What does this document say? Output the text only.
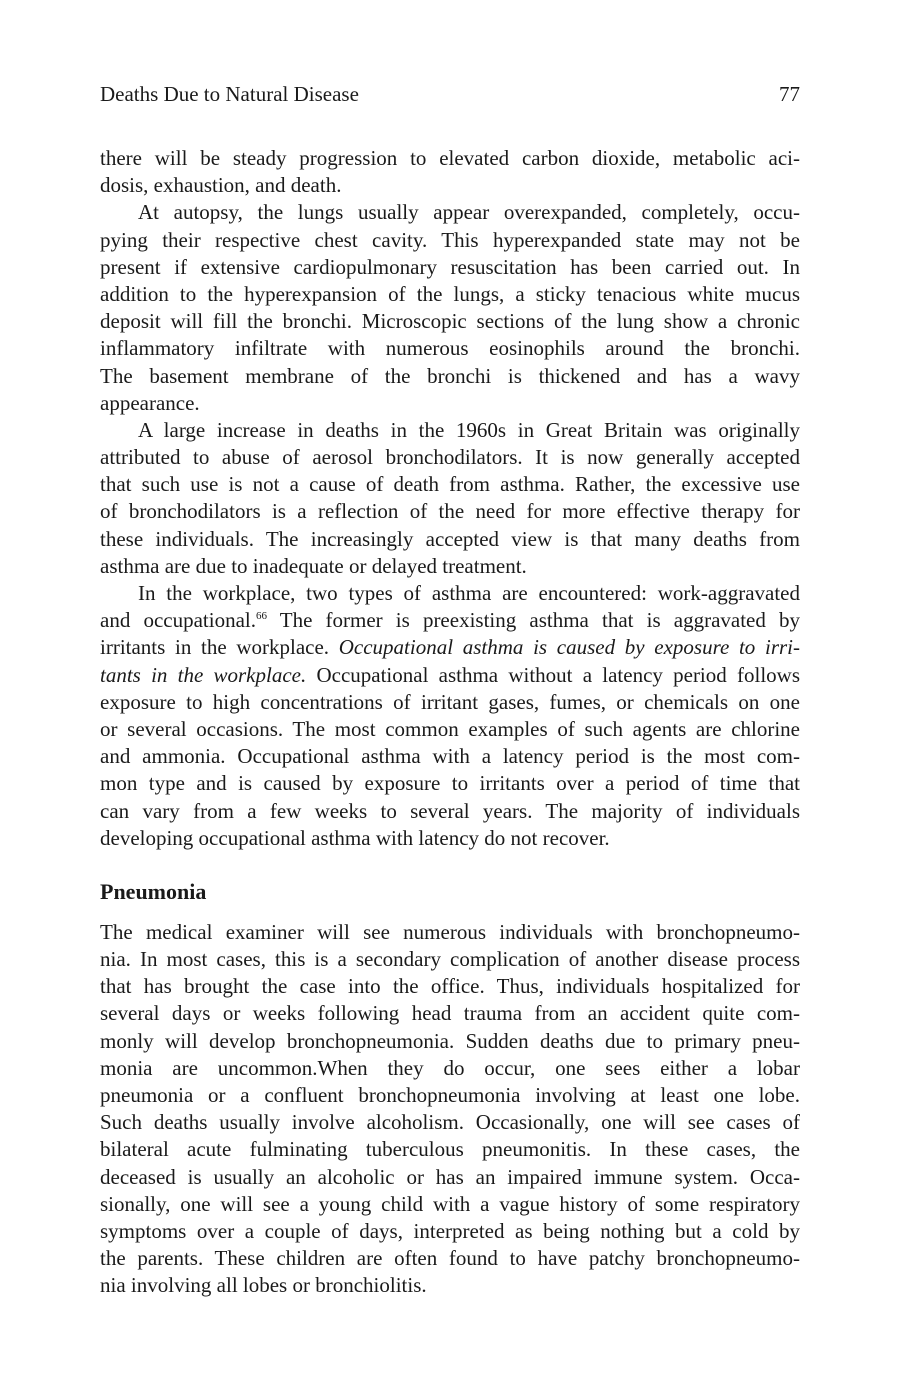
Deaths Due to Natural Disease	77
there will be steady progression to elevated carbon dioxide, metabolic aci-
dosis, exhaustion, and death.
At autopsy, the lungs usually appear overexpanded, completely, occu-
pying their respective chest cavity. This hyperexpanded state may not be
present if extensive cardiopulmonary resuscitation has been carried out. In
addition to the hyperexpansion of the lungs, a sticky tenacious white mucus
deposit will fill the bronchi. Microscopic sections of the lung show a chronic
inflammatory infiltrate with numerous eosinophils around the bronchi.
The basement membrane of the bronchi is thickened and has a wavy
appearance.
A large increase in deaths in the 1960s in Great Britain was originally
attributed to abuse of aerosol bronchodilators. It is now generally accepted
that such use is not a cause of death from asthma. Rather, the excessive use
of bronchodilators is a reflection of the need for more effective therapy for
these individuals. The increasingly accepted view is that many deaths from
asthma are due to inadequate or delayed treatment.
In the workplace, two types of asthma are encountered: work-aggravated
and occupational.$^{66}$ The former is preexisting asthma that is aggravated by
irritants in the workplace. Occupational asthma is caused by exposure to irri-
tants in the workplace. Occupational asthma without a latency period follows
exposure to high concentrations of irritant gases, fumes, or chemicals on one
or several occasions. The most common examples of such agents are chlorine
and ammonia. Occupational asthma with a latency period is the most com-
mon type and is caused by exposure to irritants over a period of time that
can vary from a few weeks to several years. The majority of individuals
developing occupational asthma with latency do not recover.
Pneumonia
The medical examiner will see numerous individuals with bronchopneumo-
nia. In most cases, this is a secondary complication of another disease process
that has brought the case into the office. Thus, individuals hospitalized for
several days or weeks following head trauma from an accident quite com-
monly will develop bronchopneumonia. Sudden deaths due to primary pneu-
monia are uncommon.When they do occur, one sees either a lobar
pneumonia or a confluent bronchopneumonia involving at least one lobe.
Such deaths usually involve alcoholism. Occasionally, one will see cases of
bilateral acute fulminating tuberculous pneumonitis. In these cases, the
deceased is usually an alcoholic or has an impaired immune system. Occa-
sionally, one will see a young child with a vague history of some respiratory
symptoms over a couple of days, interpreted as being nothing but a cold by
the parents. These children are often found to have patchy bronchopneumo-
nia involving all lobes or bronchiolitis.
